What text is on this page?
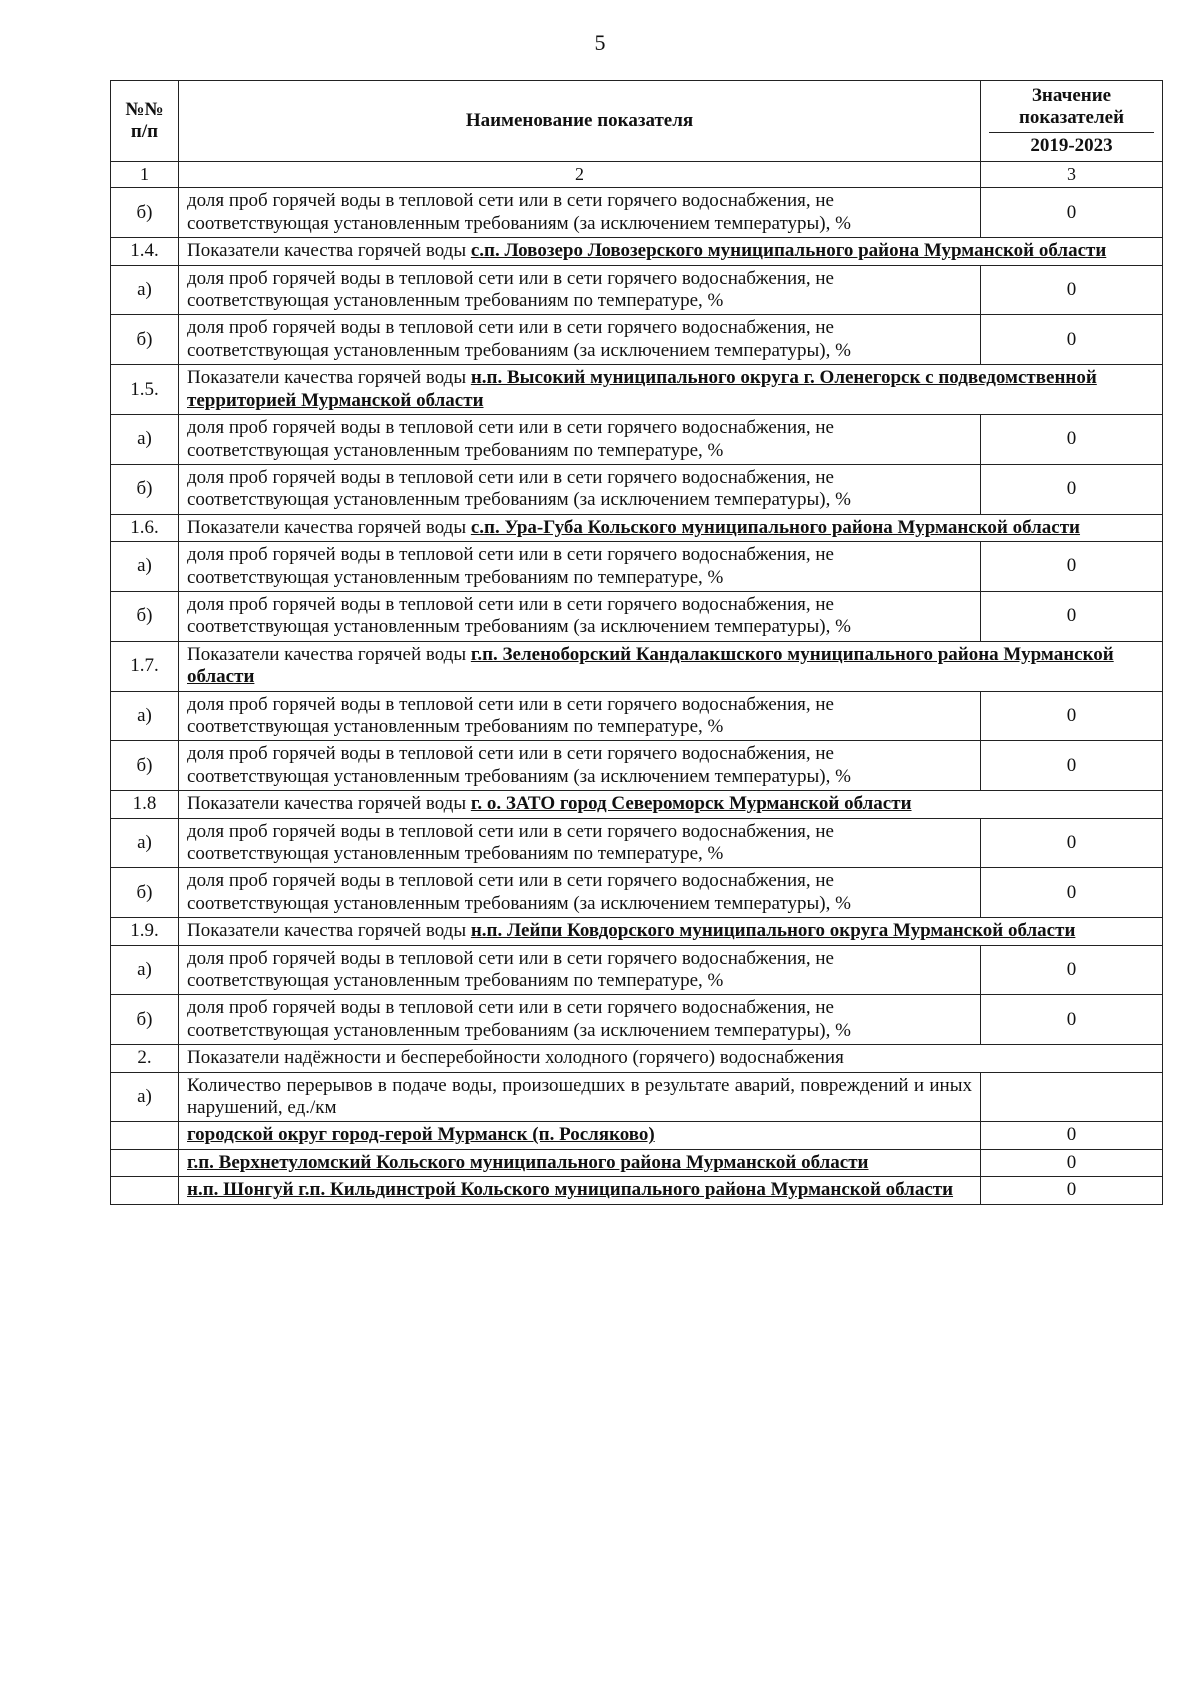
5
№№ п/п	Наименование показателя	Значение показателей
2019-2023

1	2	3
б)	доля проб горячей воды в тепловой сети или в сети горячего водоснабжения, не соответствующая установленным требованиям (за исключением температуры), %	0
1.4.	Показатели качества горячей воды с.п. Ловозеро Ловозерского муниципального района Мурманской области	
а)	доля проб горячей воды в тепловой сети или в сети горячего водоснабжения, не соответствующая установленным требованиям по температуре, %	0
б)	доля проб горячей воды в тепловой сети или в сети горячего водоснабжения, не соответствующая установленным требованиям (за исключением температуры), %	0
1.5.	Показатели качества горячей воды н.п. Высокий муниципального округа г. Оленегорск с подведомственной территорией Мурманской области	
а)	доля проб горячей воды в тепловой сети или в сети горячего водоснабжения, не соответствующая установленным требованиям по температуре, %	0
б)	доля проб горячей воды в тепловой сети или в сети горячего водоснабжения, не соответствующая установленным требованиям (за исключением температуры), %	0
1.6.	Показатели качества горячей воды с.п. Ура-Губа Кольского муниципального района Мурманской области	
а)	доля проб горячей воды в тепловой сети или в сети горячего водоснабжения, не соответствующая установленным требованиям по температуре, %	0
б)	доля проб горячей воды в тепловой сети или в сети горячего водоснабжения, не соответствующая установленным требованиям (за исключением температуры), %	0
1.7.	Показатели качества горячей воды г.п. Зеленоборский Кандалакшского муниципального района Мурманской области	
а)	доля проб горячей воды в тепловой сети или в сети горячего водоснабжения, не соответствующая установленным требованиям по температуре, %	0
б)	доля проб горячей воды в тепловой сети или в сети горячего водоснабжения, не соответствующая установленным требованиям (за исключением температуры), %	0
1.8	Показатели качества горячей воды г. о. ЗАТО город Североморск Мурманской области	
а)	доля проб горячей воды в тепловой сети или в сети горячего водоснабжения, не соответствующая установленным требованиям по температуре, %	0
б)	доля проб горячей воды в тепловой сети или в сети горячего водоснабжения, не соответствующая установленным требованиям (за исключением температуры), %	0
1.9.	Показатели качества горячей воды н.п. Лейпи Ковдорского муниципального округа Мурманской области	
а)	доля проб горячей воды в тепловой сети или в сети горячего водоснабжения, не соответствующая установленным требованиям по температуре, %	0
б)	доля проб горячей воды в тепловой сети или в сети горячего водоснабжения, не соответствующая установленным требованиям (за исключением температуры), %	0
2.	Показатели надёжности и бесперебойности холодного (горячего) водоснабжения	
а)	Количество перерывов в подаче воды, произошедших в результате аварий, повреждений и иных нарушений, ед./км	
	городской округ город-герой Мурманск (п. Росляково)	0
	г.п. Верхнетуломский Кольского муниципального района Мурманской области	0
	н.п. Шонгуй г.п. Кильдинстрой Кольского муниципального района Мурманской области	0
